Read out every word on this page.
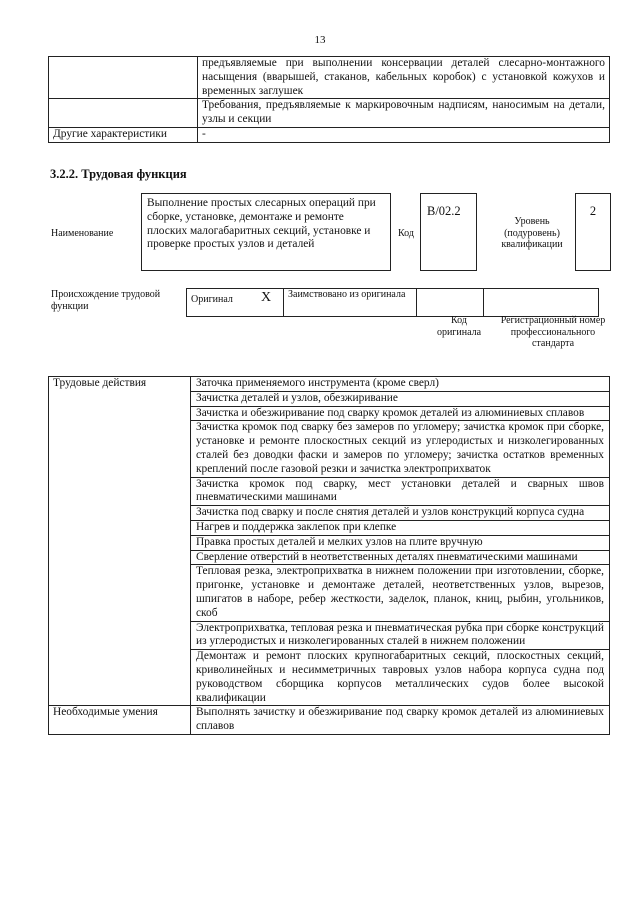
13
	предъявляемые при выполнении консервации деталей слесарно-монтажного насыщения (вварышей, стаканов, кабельных коробок) с установкой кожухов и временных заглушек
	Требования, предъявляемые к маркировочным надписям, наносимым на детали, узлы и секции
Другие характеристики	-
3.2.2. Трудовая функция
Наименование
Выполнение простых слесарных операций при сборке, установке, демонтаже и ремонте плоских малогабаритных секций, установке и проверке простых узлов и деталей
Код
B/02.2
Уровень (подуровень) квалификации
2
Происхождение трудовой функции
Оригинал	X	Заимствовано из оригинала		
Код оригинала
Регистрационный номер профессионального стандарта
Трудовые действия	Заточка применяемого инструмента (кроме сверл)
	Зачистка деталей и узлов, обезжиривание
	Зачистка и обезжиривание под сварку кромок деталей из алюминиевых сплавов
	Зачистка кромок под сварку без замеров по угломеру; зачистка кромок при сборке, установке и ремонте плоскостных секций из углеродистых и низколегированных сталей без доводки фаски и замеров по угломеру; зачистка остатков временных креплений после газовой резки и зачистка электроприхваток
	Зачистка кромок под сварку, мест установки деталей и сварных швов пневматическими машинами
	Зачистка под сварку и после снятия деталей и узлов конструкций корпуса судна
	Нагрев и поддержка заклепок при клепке
	Правка простых деталей и мелких узлов на плите вручную
	Сверление отверстий в неответственных деталях пневматическими машинами
	Тепловая резка, электроприхватка в нижнем положении при изготовлении, сборке, пригонке, установке и демонтаже деталей, неответственных узлов, вырезов, шпигатов в наборе, ребер жесткости, заделок, планок, книц, рыбин, угольников, скоб
	Электроприхватка, тепловая резка и пневматическая рубка при сборке конструкций из углеродистых и низколегированных сталей в нижнем положении
	Демонтаж и ремонт плоских крупногабаритных секций, плоскостных секций, криволинейных и несимметричных тавровых узлов набора корпуса судна под руководством сборщика корпусов металлических судов более высокой квалификации
Необходимые умения	Выполнять зачистку и обезжиривание под сварку кромок деталей из алюминиевых сплавов
